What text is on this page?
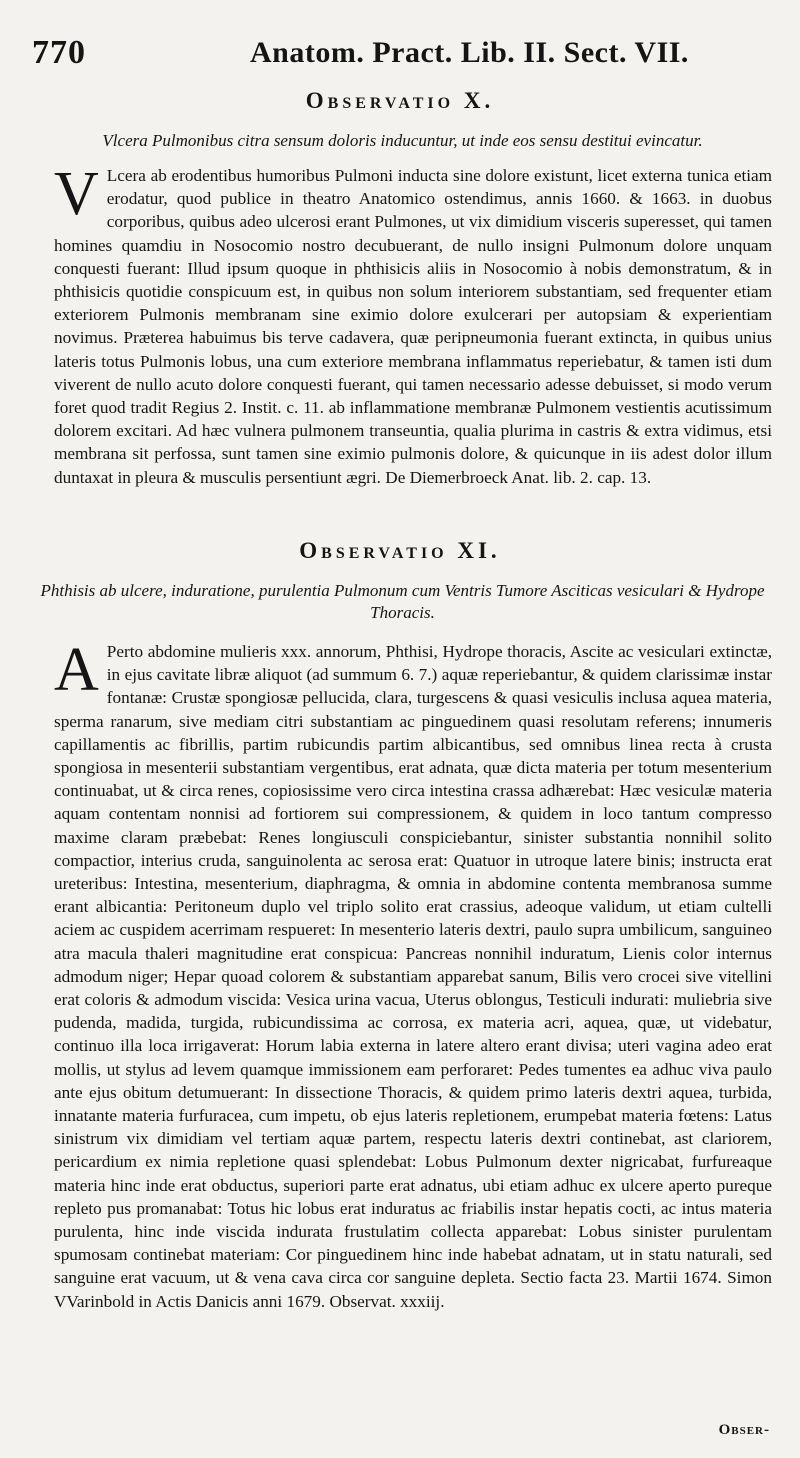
770	Anatom. Pract. Lib. II. Sect. VII.
Observatio X.
Vlcera Pulmonibus citra sensum doloris inducuntur, ut inde eos sensu destitui evincatur.

V Lcera ab erodentibus humoribus Pulmoni inducta sine dolore existunt, licet externa tunica etiam erodatur, quod publice in theatro Anatomico ostendimus, annis 1660. & 1663. in duobus corporibus, quibus adeo ulcerosi erant Pulmones, ut vix dimidium visceris superesset, qui tamen homines quamdiu in Nosocomio nostro decubuerant, de nullo insigni Pulmonum dolore unquam conquesti fuerant: Illud ipsum quoque in phthisicis aliis in Nosocomio à nobis demonstratum, & in phthisicis quotidie conspicuum est, in quibus non solum interiorem substantiam, sed frequenter etiam exteriorem Pulmonis membranam sine eximio dolore exulcerari per autopsiam & experientiam novimus. Præterea habuimus bis terve cadavera, quæ peripneumonia fuerant extincta, in quibus unius lateris totus Pulmonis lobus, una cum exteriore membrana inflammatus reperiebatur, & tamen isti dum viverent de nullo acuto dolore conquesti fuerant, qui tamen necessario adesse debuisset, si modo verum foret quod tradit Regius 2. Instit. c. 11. ab inflammatione membranæ Pulmonem vestientis acutissimum dolorem excitari. Ad hæc vulnera pulmonem transeuntia, qualia plurima in castris & extra vidimus, etsi membrana sit perfossa, sunt tamen sine eximio pulmonis dolore, & quicunque in iis adest dolor illum duntaxat in pleura & musculis persentiunt ægri. De Diemerbroeck Anat. lib. 2. cap. 13.

Observatio XI.
Phthisis ab ulcere, induratione, purulentia Pulmonum cum Ventris Tumore Asciticas vesiculari & Hydrope Thoracis.

A Perto abdomine mulieris xxx. annorum, Phthisi, Hydrope thoracis, Ascite ac vesiculari extinctæ, in ejus cavitate libræ aliquot (ad summum 6. 7.) aquæ reperiebantur, & quidem clarissimæ instar fontanæ: Crustæ spongiosæ pellucida, clara, turgescens & quasi vesiculis inclusa aquea materia, sperma ranarum, sive mediam citri substantiam ac pinguedinem quasi resolutam referens; innumeris capillamentis ac fibrillis, partim rubicundis partim albicantibus, sed omnibus linea recta à crusta spongiosa in mesenterii substantiam vergentibus, erat adnata, quæ dicta materia per totum mesenterium continuabat, ut & circa renes, copiosissime vero circa intestina crassa adhærebat: Hæc vesiculæ materia aquam contentam nonnisi ad fortiorem sui compressionem, & quidem in loco tantum compresso maxime claram præbebat: Renes longiusculi conspiciebantur, sinister substantia nonnihil solito compactior, interius cruda, sanguinolenta ac serosa erat: Quatuor in utroque latere binis; instructa erat ureteribus: Intestina, mesenterium, diaphragma, & omnia in abdomine contenta membranosa summe erant albicantia: Peritoneum duplo vel triplo solito erat crassius, adeoque validum, ut etiam cultelli aciem ac cuspidem acerrimam respueret: In mesenterio lateris dextri, paulo supra umbilicum, sanguineo atra macula thaleri magnitudine erat conspicua: Pancreas nonnihil induratum, Lienis color internus admodum niger; Hepar quoad colorem & substantiam apparebat sanum, Bilis vero crocei sive vitellini erat coloris & admodum viscida: Vesica urina vacua, Uterus oblongus, Testiculi indurati: muliebria sive pudenda, madida, turgida, rubicundissima ac corrosa, ex materia acri, aquea, quæ, ut videbatur, continuo illa loca irrigaverat: Horum labia externa in latere altero erant divisa; uteri vagina adeo erat mollis, ut stylus ad levem quamque immissionem eam perforaret: Pedes tumentes ea adhuc viva paulo ante ejus obitum detumuerant: In dissectione Thoracis, & quidem primo lateris dextri aquea, turbida, innatante materia furfuracea, cum impetu, ob ejus lateris repletionem, erumpebat materia fœtens: Latus sinistrum vix dimidiam vel tertiam aquæ partem, respectu lateris dextri continebat, ast clariorem, pericardium ex nimia repletione quasi splendebat: Lobus Pulmonum dexter nigricabat, furfureaque materia hinc inde erat obductus, superiori parte erat adnatus, ubi etiam adhuc ex ulcere aperto pureque repleto pus promanabat: Totus hic lobus erat induratus ac friabilis instar hepatis cocti, ac intus materia purulenta, hinc inde viscida indurata frustulatim collecta apparebat: Lobus sinister purulentam spumosam continebat materiam: Cor pinguedinem hinc inde habebat adnatam, ut in statu naturali, sed sanguine erat vacuum, ut & vena cava circa cor sanguine depleta. Sectio facta 23. Martii 1674. Simon VVarinbold in Actis Danicis anni 1679. Observat. xxxiij.

Obser-
